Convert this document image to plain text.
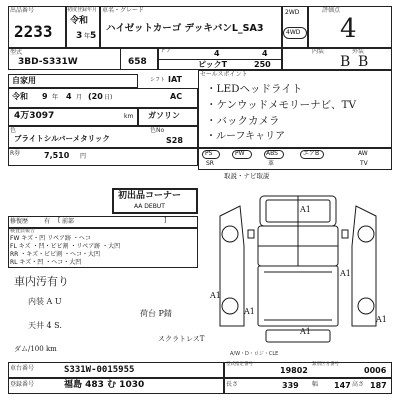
出品番号
2233
初度登録年月
令和
3 年 5
車名・グレード
ハイゼットカーゴ デッキバンL_SA3
2WD
4WD
評価点
4
型式
3BD-S331W	658
ドア	4	4
ピックT	250
内装	外装
B B
自家用
令和 9 年 4 月 (20 日)
シフト IAT
AC
4万3097	km ガソリン
色
ブライトシルバーメタリック
色No
S28
R券	7,510 円
セールスポイント
・LEDヘッドライト
・ケンウッドメモリーナビ、TV
・バックカメラ
・ルーフキャリア
PS	PW	ABS	エアB	AW
SR	革	TV
取説・ナビ取説
初出品コーナー
AA DEBUT
修復歴	有 [ 前部	]
検査員報告
FW キズ・凹 リペア跡 ・ヘコ
FL キズ ・凹・ビビ割 ・リペア跡 ・大凹
RR ・キズ・ビビ割 ・ヘコ・大凹
RL キズ・凹 ・ヘコ・大凹
車内汚有り
内装 A U
天井 4 S.
荷台 P錆
スクラトレスT
ダム/100 km
A1
A1
A1
A1
A1
A1
車台番号	S331W-0015955
登録番号	福島 483 む 1030
A/W・D・ロジ・CLE
型式指定番号
19802
類別区分番号
0006
長さ	339 幅 147 高さ 187
